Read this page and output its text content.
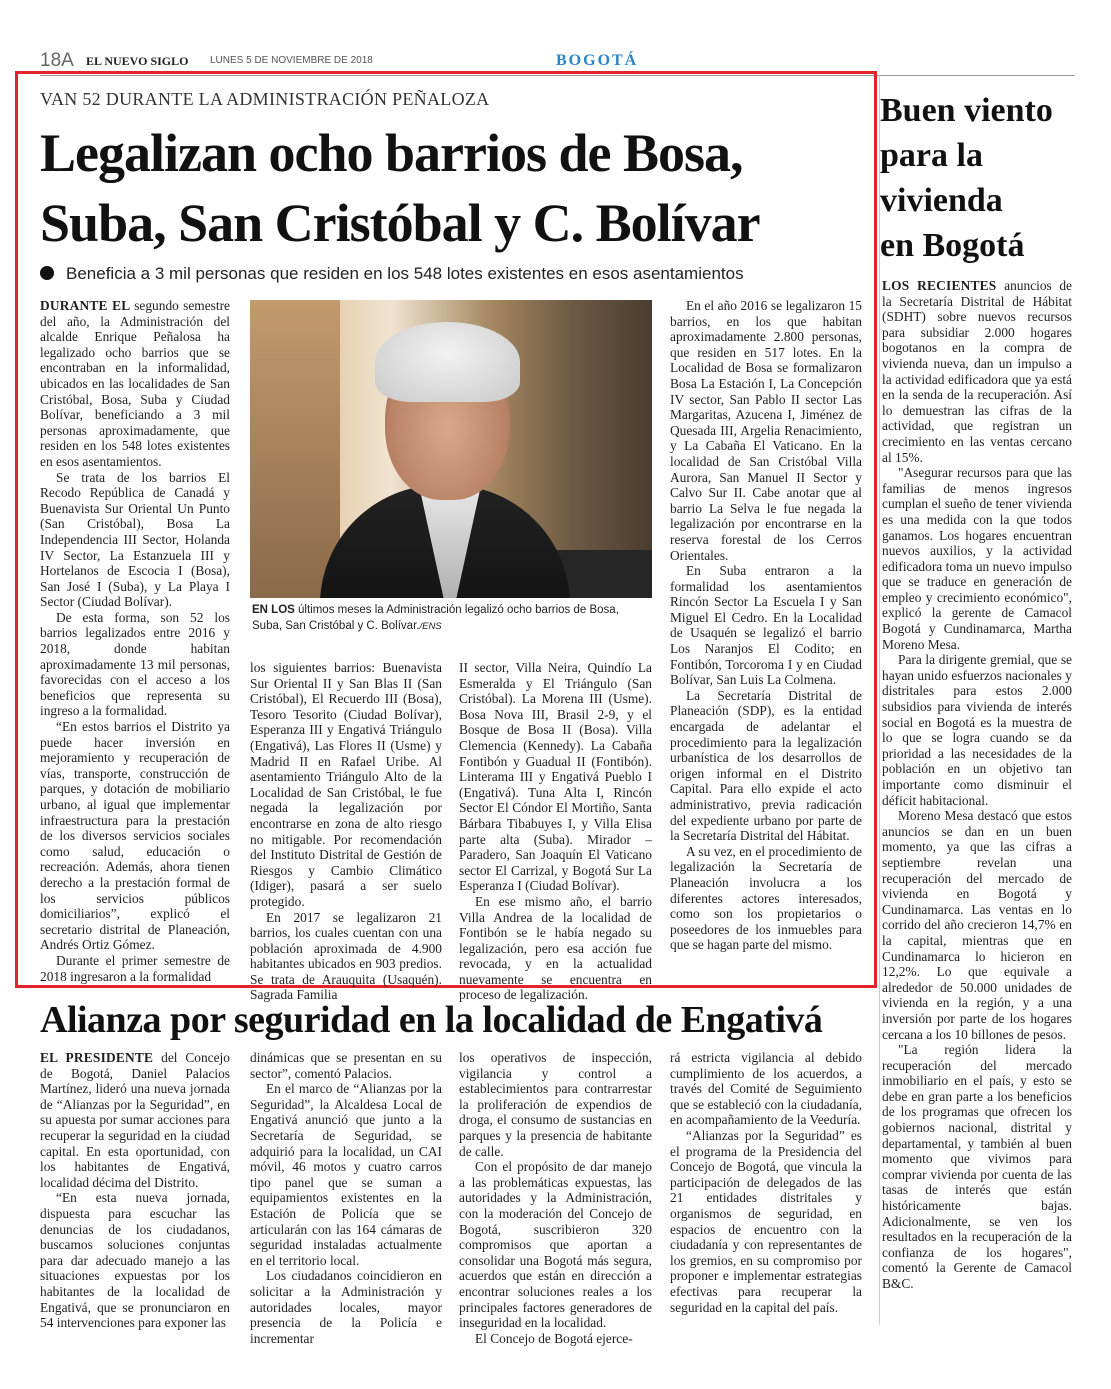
18A EL NUEVO SIGLO LUNES 5 DE NOVIEMBRE DE 2018	BOGOTÁ
VAN 52 DURANTE LA ADMINISTRACIÓN PEÑALOZA
Legalizan ocho barrios de Bosa,
Suba, San Cristóbal y C. Bolívar
Beneficia a 3 mil personas que residen en los 548 lotes existentes en esos asentamientos

DURANTE EL segundo semestre del año, la Administración del alcalde Enrique Peñalosa ha legalizado ocho barrios que se encontraban en la informalidad, ubicados en las localidades de San Cristóbal, Bosa, Suba y Ciudad Bolívar, beneficiando a 3 mil personas aproximadamente, que residen en los 548 lotes existentes en esos asentamientos.

Se trata de los barrios El Recodo República de Canadá y Buenavista Sur Oriental Un Punto (San Cristóbal), Bosa La Independencia III Sector, Holanda IV Sector, La Estanzuela III y Hortelanos de Escocia I (Bosa), San José I (Suba), y La Playa I Sector (Ciudad Bolívar).

De esta forma, son 52 los barrios legalizados entre 2016 y 2018, donde habitan aproximadamente 13 mil personas, favorecidas con el acceso a los beneficios que representa su ingreso a la formalidad.

“En estos barrios el Distrito ya puede hacer inversión en mejoramiento y recuperación de vías, transporte, construcción de parques, y dotación de mobiliario urbano, al igual que implementar infraestructura para la prestación de los diversos servicios sociales como salud, educación o recreación. Además, ahora tienen derecho a la prestación formal de los servicios públicos domiciliarios”, explicó el secretario distrital de Planeación, Andrés Ortiz Gómez.

Durante el primer semestre de 2018 ingresaron a la formalidad

EN LOS últimos meses la Administración legalizó ocho barrios de Bosa, Suba, San Cristóbal y C. Bolívar./ENS

los siguientes barrios: Buenavista Sur Oriental II y San Blas II (San Cristóbal), El Recuerdo III (Bosa), Tesoro Tesorito (Ciudad Bolívar), Esperanza III y Engativá Triángulo (Engativá), Las Flores II (Usme) y Madrid II en Rafael Uribe. Al asentamiento Triángulo Alto de la Localidad de San Cristóbal, le fue negada la legalización por encontrarse en zona de alto riesgo no mitigable. Por recomendación del Instituto Distrital de Gestión de Riesgos y Cambio Climático (Idiger), pasará a ser suelo protegido.

En 2017 se legalizaron 21 barrios, los cuales cuentan con una población aproximada de 4.900 habitantes ubicados en 903 predios. Se trata de Arauquita (Usaquén). Sagrada Familia

II sector, Villa Neira, Quindío La Esmeralda y El Triángulo (San Cristóbal). La Morena III (Usme). Bosa Nova III, Brasil 2-9, y el Bosque de Bosa II (Bosa). Villa Clemencia (Kennedy). La Cabaña Fontibón y Guadual II (Fontibón). Linterama III y Engativá Pueblo I (Engativá). Tuna Alta I, Rincón Sector El Cóndor El Mortiño, Santa Bárbara Tibabuyes I, y Villa Elisa parte alta (Suba). Mirador – Paradero, San Joaquín El Vaticano sector El Carrizal, y Bogotá Sur La Esperanza I (Ciudad Bolívar).

En ese mismo año, el barrio Villa Andrea de la localidad de Fontibón se le había negado su legalización, pero esa acción fue revocada, y en la actualidad nuevamente se encuentra en proceso de legalización.

En el año 2016 se legalizaron 15 barrios, en los que habitan aproximadamente 2.800 personas, que residen en 517 lotes. En la Localidad de Bosa se formalizaron Bosa La Estación I, La Concepción IV sector, San Pablo II sector Las Margaritas, Azucena I, Jiménez de Quesada III, Argelia Renacimiento, y La Cabaña El Vaticano. En la localidad de San Cristóbal Villa Aurora, San Manuel II Sector y Calvo Sur II. Cabe anotar que al barrio La Selva le fue negada la legalización por encontrarse en la reserva forestal de los Cerros Orientales.

En Suba entraron a la formalidad los asentamientos Rincón Sector La Escuela I y San Miguel El Cedro. En la Localidad de Usaquén se legalizó el barrio Los Naranjos El Codito; en Fontibón, Torcoroma I y en Ciudad Bolívar, San Luis La Colmena.

La Secretaría Distrital de Planeación (SDP), es la entidad encargada de adelantar el procedimiento para la legalización urbanística de los desarrollos de origen informal en el Distrito Capital. Para ello expide el acto administrativo, previa radicación del expediente urbano por parte de la Secretaría Distrital del Hábitat.

A su vez, en el procedimiento de legalización la Secretaría de Planeación involucra a los diferentes actores interesados, como son los propietarios o poseedores de los inmuebles para que se hagan parte del mismo.

Buen viento
para la
vivienda
en Bogotá

LOS RECIENTES anuncios de la Secretaría Distrital de Hábitat (SDHT) sobre nuevos recursos para subsidiar 2.000 hogares bogotanos en la compra de vivienda nueva, dan un impulso a la actividad edificadora que ya está en la senda de la recuperación. Así lo demuestran las cifras de la actividad, que registran un crecimiento en las ventas cercano al 15%.

"Asegurar recursos para que las familias de menos ingresos cumplan el sueño de tener vivienda es una medida con la que todos ganamos. Los hogares encuentran nuevos auxilios, y la actividad edificadora toma un nuevo impulso que se traduce en generación de empleo y crecimiento económico", explicó la gerente de Camacol Bogotá y Cundinamarca, Martha Moreno Mesa.

Para la dirigente gremial, que se hayan unido esfuerzos nacionales y distritales para estos 2.000 subsidios para vivienda de interés social en Bogotá es la muestra de lo que se logra cuando se da prioridad a las necesidades de la población en un objetivo tan importante como disminuir el déficit habitacional.

Moreno Mesa destacó que estos anuncios se dan en un buen momento, ya que las cifras a septiembre revelan una recuperación del mercado de vivienda en Bogotá y Cundinamarca. Las ventas en lo corrido del año crecieron 14,7% en la capital, mientras que en Cundinamarca lo hicieron en 12,2%. Lo que equivale a alrededor de 50.000 unidades de vivienda en la región, y a una inversión por parte de los hogares cercana a los 10 billones de pesos.

"La región lidera la recuperación del mercado inmobiliario en el país, y esto se debe en gran parte a los beneficios de los programas que ofrecen los gobiernos nacional, distrital y departamental, y también al buen momento que vivimos para comprar vivienda por cuenta de las tasas de interés que están históricamente bajas. Adicionalmente, se ven los resultados en la recuperación de la confianza de los hogares", comentó la Gerente de Camacol B&C.

Alianza por seguridad en la localidad de Engativá

EL PRESIDENTE del Concejo de Bogotá, Daniel Palacios Martínez, lideró una nueva jornada de “Alianzas por la Seguridad”, en su apuesta por sumar acciones para recuperar la seguridad en la ciudad capital. En esta oportunidad, con los habitantes de Engativá, localidad décima del Distrito.

“En esta nueva jornada, dispuesta para escuchar las denuncias de los ciudadanos, buscamos soluciones conjuntas para dar adecuado manejo a las situaciones expuestas por los habitantes de la localidad de Engativá, que se pronunciaron en 54 intervenciones para exponer las

dinámicas que se presentan en su sector”, comentó Palacios.

En el marco de “Alianzas por la Seguridad”, la Alcaldesa Local de Engativá anunció que junto a la Secretaría de Seguridad, se adquirió para la localidad, un CAI móvil, 46 motos y cuatro carros tipo panel que se suman a equipamientos existentes en la Estación de Policía que se articularán con las 164 cámaras de seguridad instaladas actualmente en el territorio local.

Los ciudadanos coincidieron en solicitar a la Administración y autoridades locales, mayor presencia de la Policía e incrementar

los operativos de inspección, vigilancia y control a establecimientos para contrarrestar la proliferación de expendios de droga, el consumo de sustancias en parques y la presencia de habitante de calle.

Con el propósito de dar manejo a las problemáticas expuestas, las autoridades y la Administración, con la moderación del Concejo de Bogotá, suscribieron 320 compromisos que aportan a consolidar una Bogotá más segura, acuerdos que están en dirección a encontrar soluciones reales a los principales factores generadores de inseguridad en la localidad.

El Concejo de Bogotá ejerce-

rá estricta vigilancia al debido cumplimiento de los acuerdos, a través del Comité de Seguimiento que se estableció con la ciudadanía, en acompañamiento de la Veeduría.

“Alianzas por la Seguridad” es el programa de la Presidencia del Concejo de Bogotá, que vincula la participación de delegados de las 21 entidades distritales y organismos de seguridad, en espacios de encuentro con la ciudadanía y con representantes de los gremios, en su compromiso por proponer e implementar estrategias efectivas para recuperar la seguridad en la capital del país.
